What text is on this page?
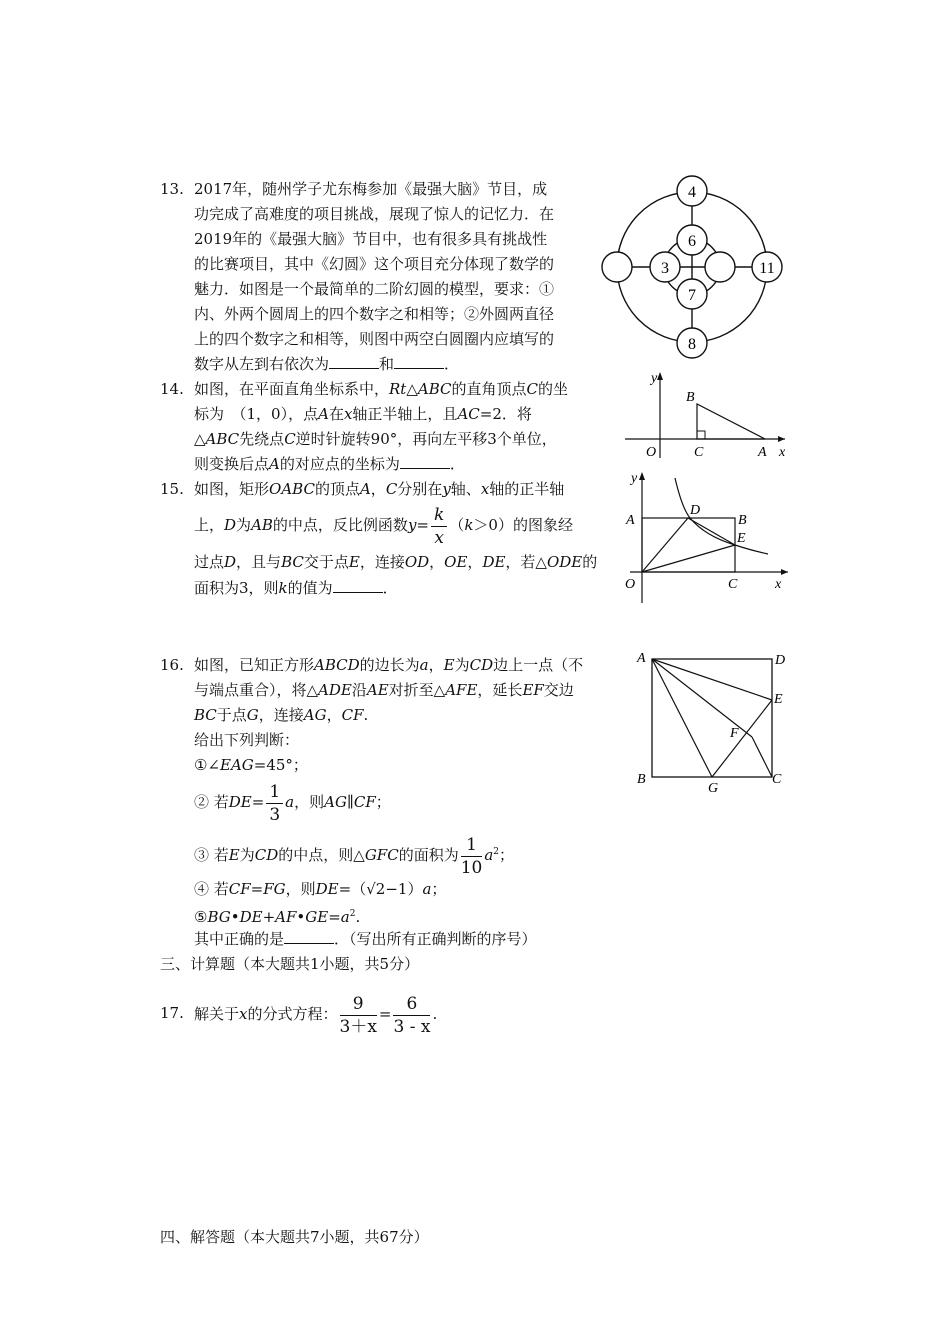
13. 2017年，随州学子尤东梅参加《最强大脑》节目，成
功完成了高难度的项目挑战，展现了惊人的记忆力．在
2019年的《最强大脑》节目中，也有很多具有挑战性
的比赛项目，其中《幻圆》这个项目充分体现了数学的
魅力．如图是一个最简单的二阶幻圆的模型，要求：①
内、外两个圆周上的四个数字之和相等；②外圆两直径
上的四个数字之和相等，则图中两空白圆圈内应填写的
数字从左到右依次为	和	．
4
6
3
7
11
8
14. 如图，在平面直角坐标系中，Rt△ABC的直角顶点C的坐
标为　（1，0），点A在x轴正半轴上，且AC=2．将
△ABC先绕点C逆时针旋转90°，再向左平移3个单位，
则变换后点A的对应点的坐标为	．
y
x
O
B
C	A
15. 如图，矩形OABC的顶点A，C分别在y轴、x轴的正半轴
上，D为AB的中点，反比例函数$y= \frac{k}{x} (k>0)$的图象经
过点D，且与BC交于点E，连接OD，OE，DE，若△ODE的
面积为3，则k的值为	．
y
x
O
A	B
C
D
E
16. 如图，已知正方形ABCD的边长为a，E为CD边上一点（不
与端点重合），将△ADE沿AE对折至△AFE，延长EF交边
BC于点G，连接AG，CF.
给出下列判断：
①∠EAG=45°；
② 若$DE= \frac{1}{3}$ a，则AG∥CF；
③ 若E为CD的中点，则△GFC的面积为 $\frac{1}{10} a^2$；
④ 若CF=FG，则DE=（√2−1）a；
$⑤BG•DE+AF•GE=a^2$.
其中正确的是	．（写出所有正确判断的序号）
A	D
E
F
B
G
C
三、计算题（本大题共1小题，共5分）
17. 解关于x的分式方程： $\frac{9}{3+x} = \frac{6}{3 - x}$ .
四、解答题（本大题共7小题，共67分）
